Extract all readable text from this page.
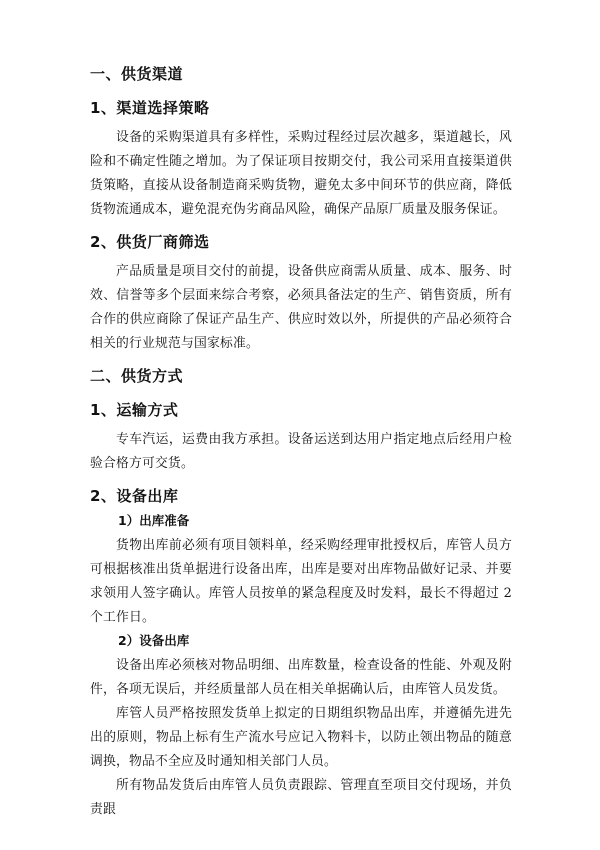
一、供货渠道
1、渠道选择策略

设备的采购渠道具有多样性，采购过程经过层次越多，渠道越长，风险和不确定性随之增加。为了保证项目按期交付，我公司采用直接渠道供货策略，直接从设备制造商采购货物，避免太多中间环节的供应商，降低货物流通成本，避免混充伪劣商品风险，确保产品原厂质量及服务保证。

2、供货厂商筛选

产品质量是项目交付的前提，设备供应商需从质量、成本、服务、时效、信誉等多个层面来综合考察，必须具备法定的生产、销售资质，所有合作的供应商除了保证产品生产、供应时效以外，所提供的产品必须符合相关的行业规范与国家标准。

二、供货方式
1、运输方式

专车汽运，运费由我方承担。设备运送到达用户指定地点后经用户检验合格方可交货。

2、设备出库
1）出库准备

货物出库前必须有项目领料单，经采购经理审批授权后，库管人员方可根据核准出货单据进行设备出库，出库是要对出库物品做好记录、并要求领用人签字确认。库管人员按单的紧急程度及时发料，最长不得超过 2 个工作日。

2）设备出库

设备出库必须核对物品明细、出库数量，检查设备的性能、外观及附件，各项无误后，并经质量部人员在相关单据确认后，由库管人员发货。

库管人员严格按照发货单上拟定的日期组织物品出库，并遵循先进先出的原则，物品上标有生产流水号应记入物料卡，以防止领出物品的随意调换，物品不全应及时通知相关部门人员。

所有物品发货后由库管人员负责跟踪、管理直至项目交付现场，并负责跟
